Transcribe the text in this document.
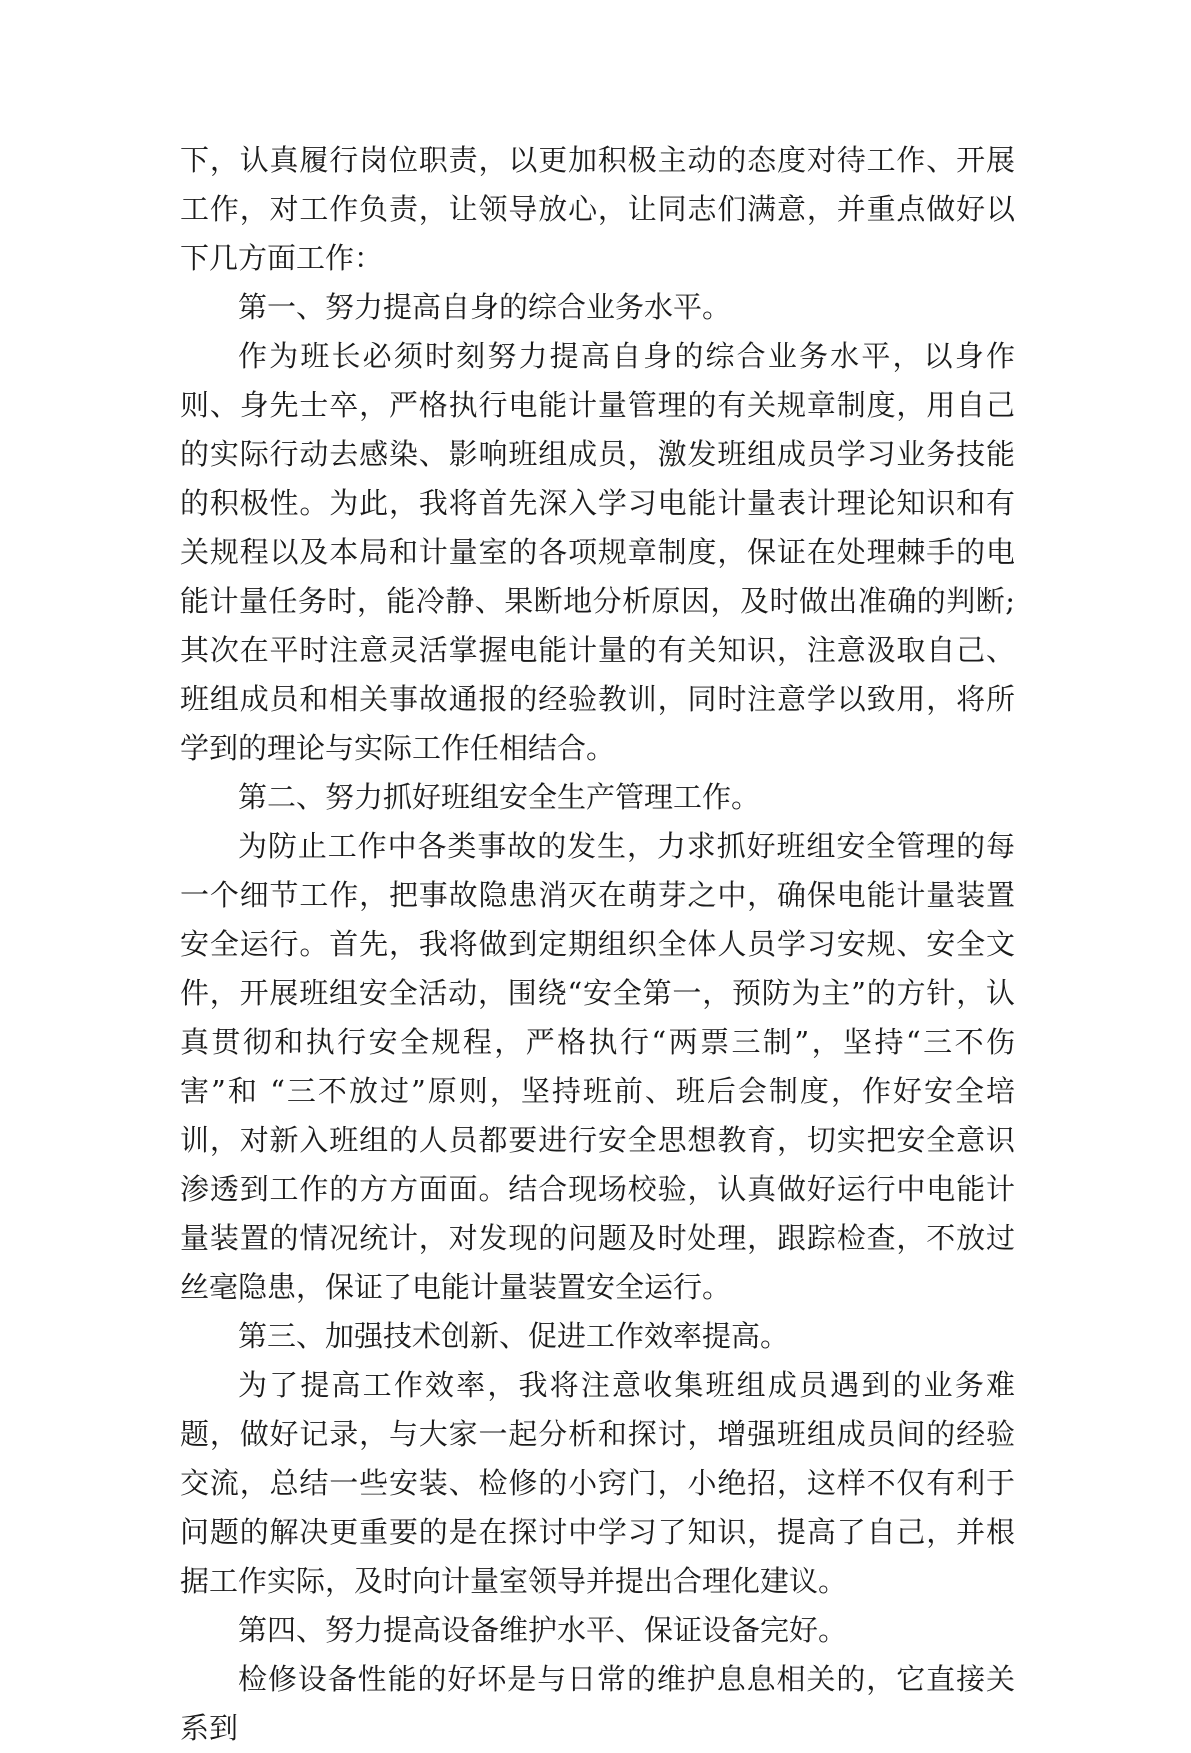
下，认真履行岗位职责，以更加积极主动的态度对待工作、开展工作，对工作负责，让领导放心，让同志们满意，并重点做好以下几方面工作：

第一、努力提高自身的综合业务水平。

作为班长必须时刻努力提高自身的综合业务水平，以身作则、身先士卒，严格执行电能计量管理的有关规章制度，用自己的实际行动去感染、影响班组成员，激发班组成员学习业务技能的积极性。为此，我将首先深入学习电能计量表计理论知识和有关规程以及本局和计量室的各项规章制度，保证在处理棘手的电能计量任务时，能冷静、果断地分析原因，及时做出准确的判断;其次在平时注意灵活掌握电能计量的有关知识，注意汲取自己、班组成员和相关事故通报的经验教训，同时注意学以致用，将所学到的理论与实际工作任相结合。

第二、努力抓好班组安全生产管理工作。

为防止工作中各类事故的发生，力求抓好班组安全管理的每一个细节工作，把事故隐患消灭在萌芽之中，确保电能计量装置安全运行。首先，我将做到定期组织全体人员学习安规、安全文件，开展班组安全活动，围绕“安全第一，预防为主”的方针，认真贯彻和执行安全规程，严格执行“两票三制”，坚持“三不伤害”和 “三不放过”原则，坚持班前、班后会制度，作好安全培训，对新入班组的人员都要进行安全思想教育，切实把安全意识渗透到工作的方方面面。结合现场校验，认真做好运行中电能计量装置的情况统计，对发现的问题及时处理，跟踪检查，不放过丝毫隐患，保证了电能计量装置安全运行。

第三、加强技术创新、促进工作效率提高。

为了提高工作效率，我将注意收集班组成员遇到的业务难题，做好记录，与大家一起分析和探讨，增强班组成员间的经验交流，总结一些安装、检修的小窍门，小绝招，这样不仅有利于问题的解决更重要的是在探讨中学习了知识，提高了自己，并根据工作实际，及时向计量室领导并提出合理化建议。

第四、努力提高设备维护水平、保证设备完好。

检修设备性能的好坏是与日常的维护息息相关的，它直接关系到
